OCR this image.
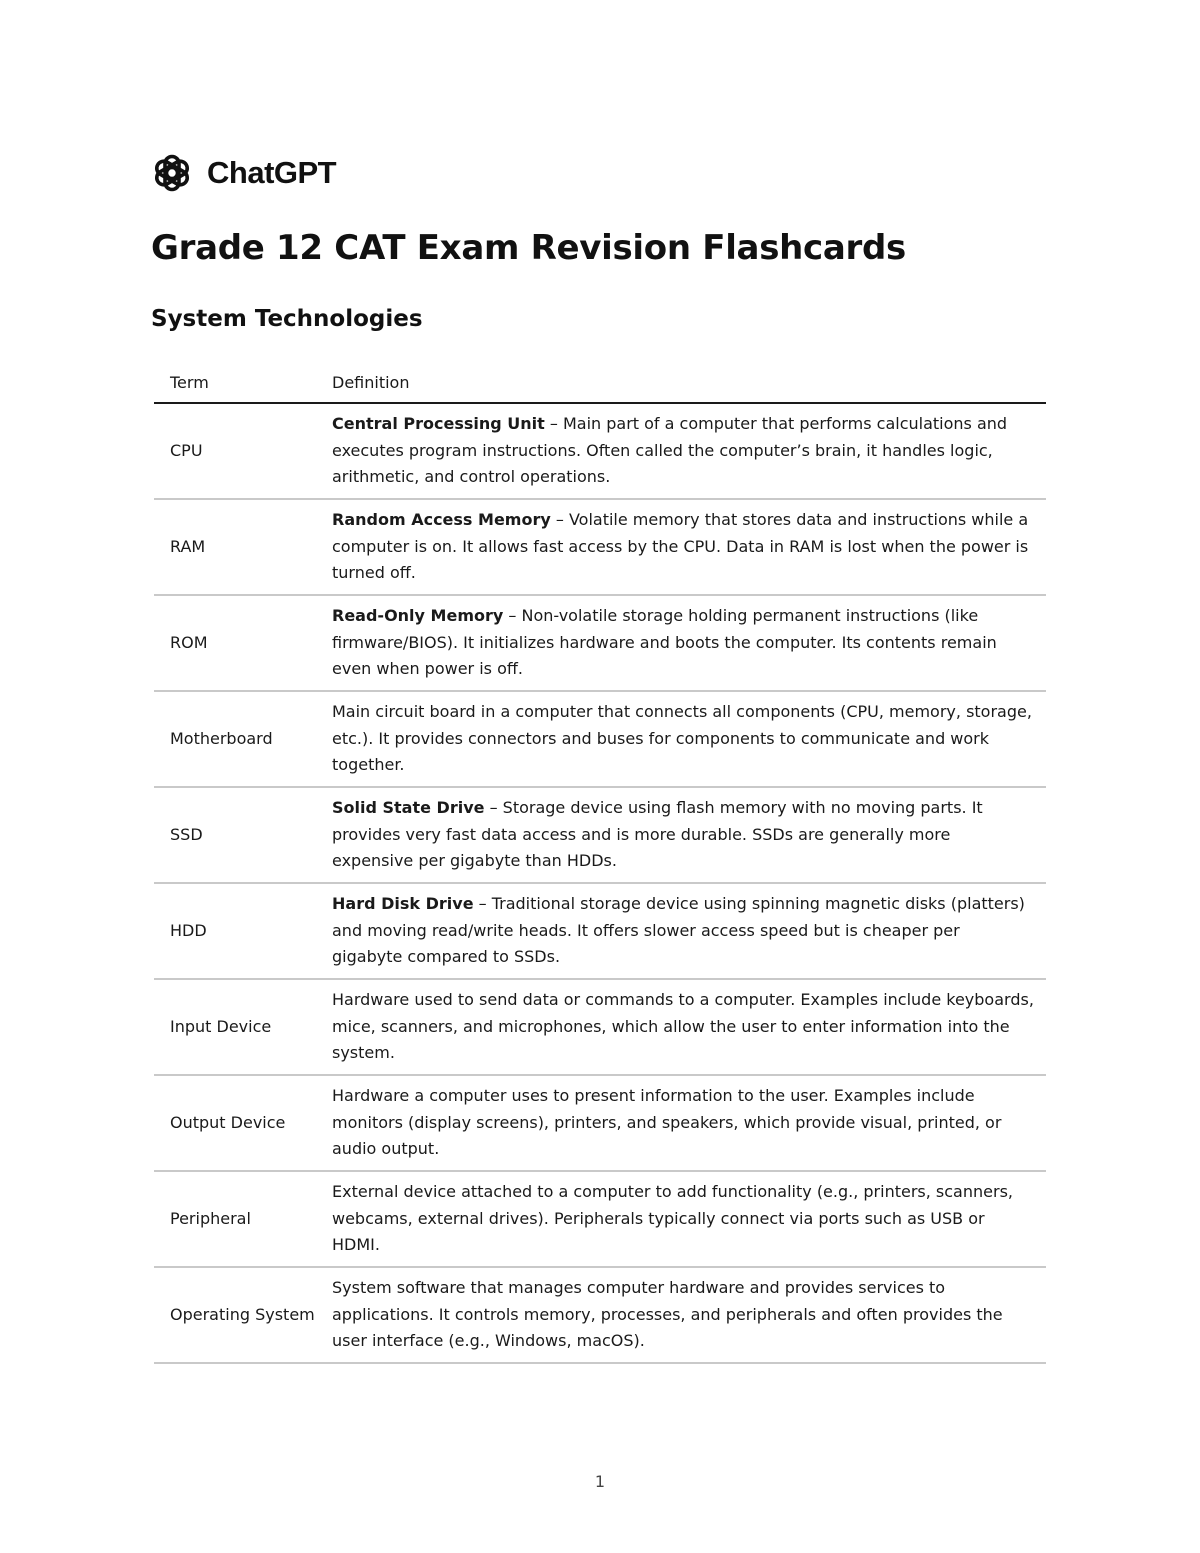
ChatGPT
Grade 12 CAT Exam Revision Flashcards
System Technologies
Term	Definition
CPU	Central Processing Unit – Main part of a computer that performs calculations and executes program instructions. Often called the computer’s brain, it handles logic, arithmetic, and control operations.
RAM	Random Access Memory – Volatile memory that stores data and instructions while a computer is on. It allows fast access by the CPU. Data in RAM is lost when the power is turned off.
ROM	Read-Only Memory – Non-volatile storage holding permanent instructions (like firmware/BIOS). It initializes hardware and boots the computer. Its contents remain even when power is off.
Motherboard	Main circuit board in a computer that connects all components (CPU, memory, storage, etc.). It provides connectors and buses for components to communicate and work together.
SSD	Solid State Drive – Storage device using flash memory with no moving parts. It provides very fast data access and is more durable. SSDs are generally more expensive per gigabyte than HDDs.
HDD	Hard Disk Drive – Traditional storage device using spinning magnetic disks (platters) and moving read/write heads. It offers slower access speed but is cheaper per gigabyte compared to SSDs.
Input Device	Hardware used to send data or commands to a computer. Examples include keyboards, mice, scanners, and microphones, which allow the user to enter information into the system.
Output Device	Hardware a computer uses to present information to the user. Examples include monitors (display screens), printers, and speakers, which provide visual, printed, or audio output.
Peripheral	External device attached to a computer to add functionality (e.g., printers, scanners, webcams, external drives). Peripherals typically connect via ports such as USB or HDMI.
Operating System	System software that manages computer hardware and provides services to applications. It controls memory, processes, and peripherals and often provides the user interface (e.g., Windows, macOS).
1
